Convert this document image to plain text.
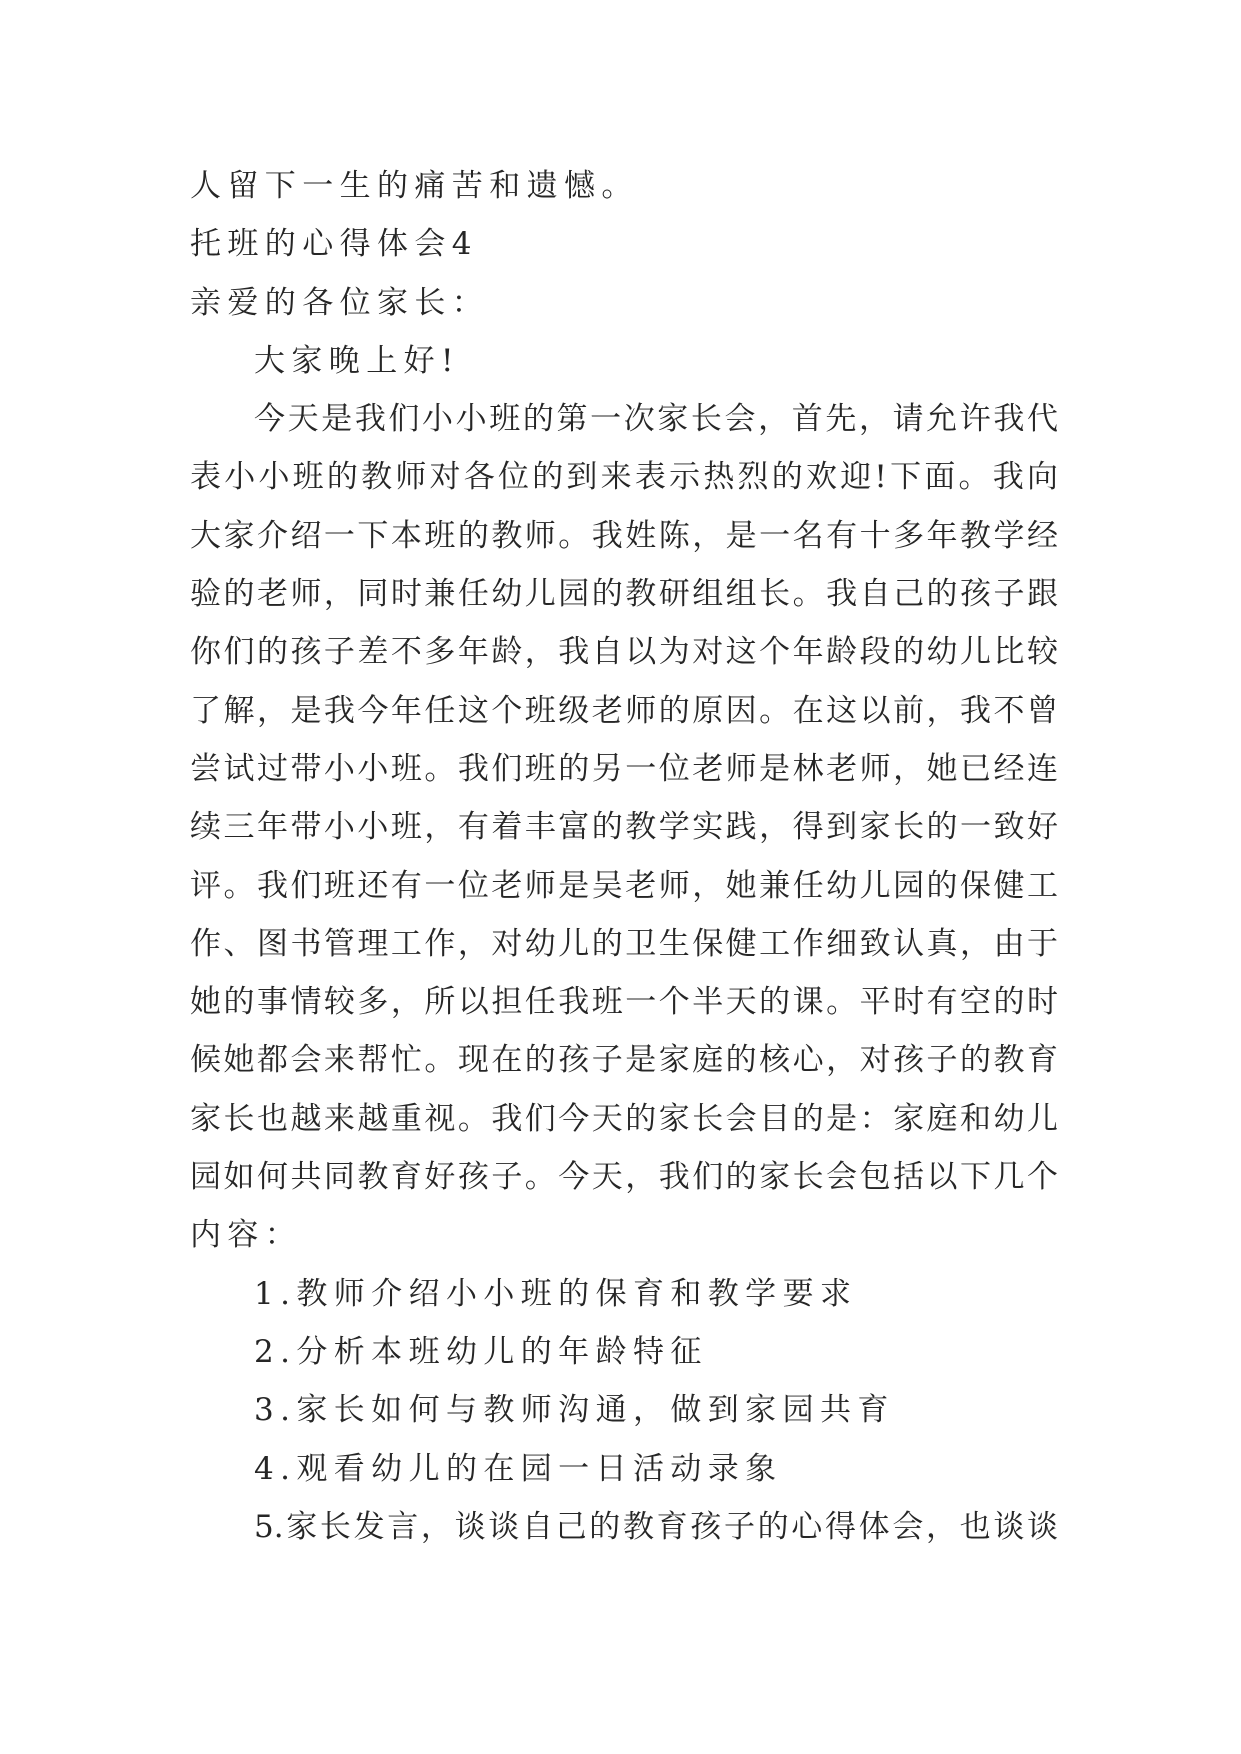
人留下一生的痛苦和遗憾。
托班的心得体会4
亲爱的各位家长：
大家晚上好!
今天是我们小小班的第一次家长会，首先，请允许我代
表小小班的教师对各位的到来表示热烈的欢迎!下面。我向
大家介绍一下本班的教师。我姓陈，是一名有十多年教学经
验的老师，同时兼任幼儿园的教研组组长。我自己的孩子跟
你们的孩子差不多年龄，我自以为对这个年龄段的幼儿比较
了解，是我今年任这个班级老师的原因。在这以前，我不曾
尝试过带小小班。我们班的另一位老师是林老师，她已经连
续三年带小小班，有着丰富的教学实践，得到家长的一致好
评。我们班还有一位老师是吴老师，她兼任幼儿园的保健工
作、图书管理工作，对幼儿的卫生保健工作细致认真，由于
她的事情较多，所以担任我班一个半天的课。平时有空的时
候她都会来帮忙。现在的孩子是家庭的核心，对孩子的教育
家长也越来越重视。我们今天的家长会目的是：家庭和幼儿
园如何共同教育好孩子。今天，我们的家长会包括以下几个
内容：
1.教师介绍小小班的保育和教学要求
2.分析本班幼儿的年龄特征
3.家长如何与教师沟通，做到家园共育
4.观看幼儿的在园一日活动录象
5.家长发言，谈谈自己的教育孩子的心得体会，也谈谈
